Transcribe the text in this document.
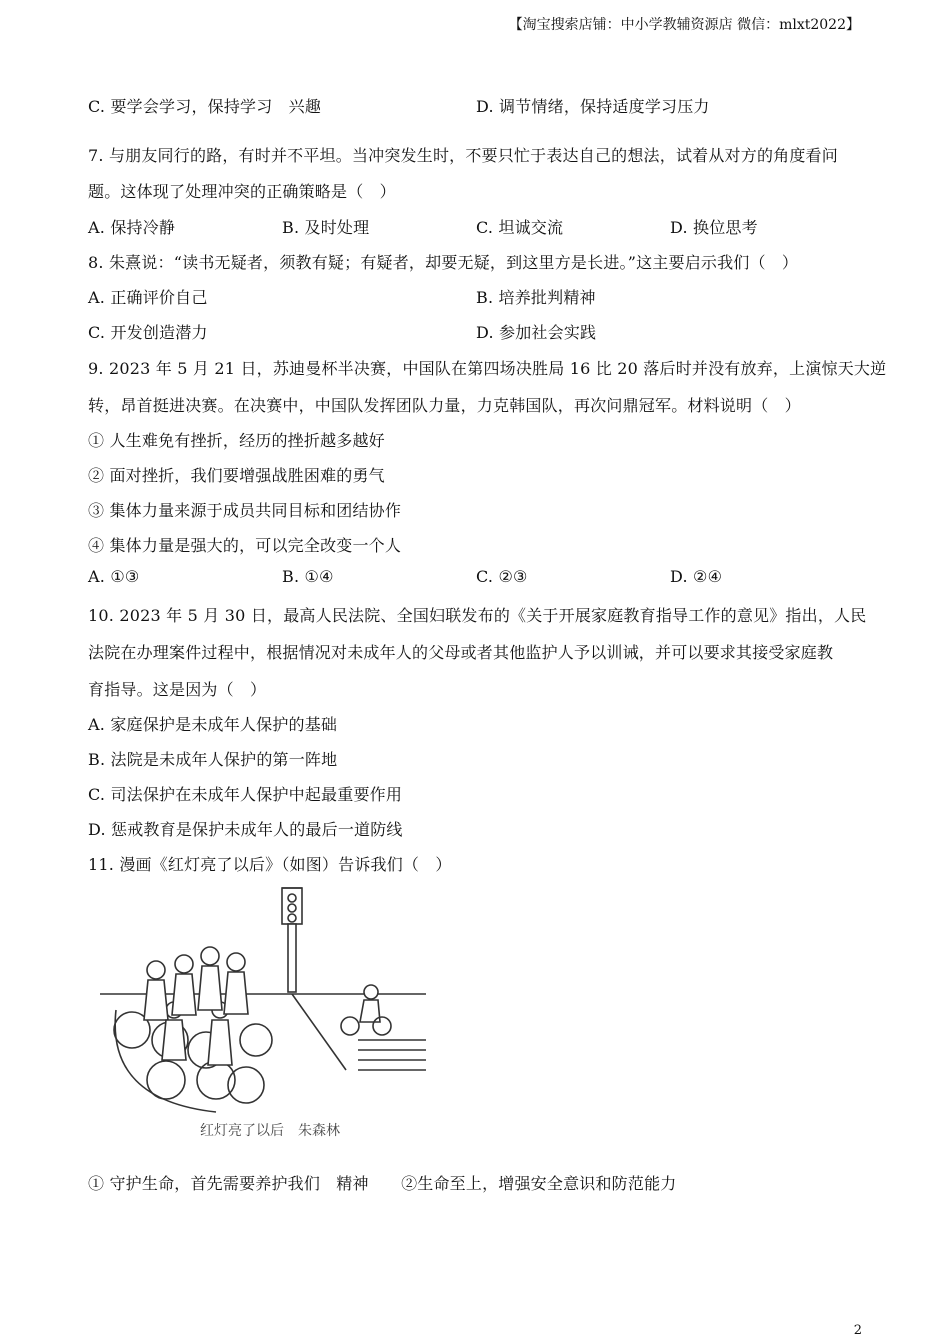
【淘宝搜索店铺：中小学教辅资源店 微信：mlxt2022】
C. 要学会学习，保持学习　兴趣	D. 调节情绪，保持适度学习压力
7. 与朋友同行的路，有时并不平坦。当冲突发生时，不要只忙于表达自己的想法，试着从对方的角度看问
题。这体现了处理冲突的正确策略是（　）
A. 保持冷静	B. 及时处理	C. 坦诚交流	D. 换位思考
8. 朱熹说：“读书无疑者，须教有疑；有疑者，却要无疑，到这里方是长进。”这主要启示我们（　）
A. 正确评价自己	B. 培养批判精神
C. 开发创造潜力	D. 参加社会实践
9. 2023 年 5 月 21 日，苏迪曼杯半决赛，中国队在第四场决胜局 16 比 20 落后时并没有放弃，上演惊天大逆
转，昂首挺进决赛。在决赛中，中国队发挥团队力量，力克韩国队，再次问鼎冠军。材料说明（　）
① 人生难免有挫折，经历的挫折越多越好
② 面对挫折，我们要增强战胜困难的勇气
③ 集体力量来源于成员共同目标和团结协作
④ 集体力量是强大的，可以完全改变一个人
A. ①③	B. ①④	C. ②③	D. ②④
10. 2023 年 5 月 30 日，最高人民法院、全国妇联发布的《关于开展家庭教育指导工作的意见》指出，人民
法院在办理案件过程中，根据情况对未成年人的父母或者其他监护人予以训诫，并可以要求其接受家庭教
育指导。这是因为（　）
A. 家庭保护是未成年人保护的基础
B. 法院是未成年人保护的第一阵地
C. 司法保护在未成年人保护中起最重要作用
D. 惩戒教育是保护未成年人的最后一道防线
11. 漫画《红灯亮了以后》（如图）告诉我们（　）
红灯亮了以后　朱森林
① 守护生命，首先需要养护我们　精神　　②生命至上，增强安全意识和防范能力
2
